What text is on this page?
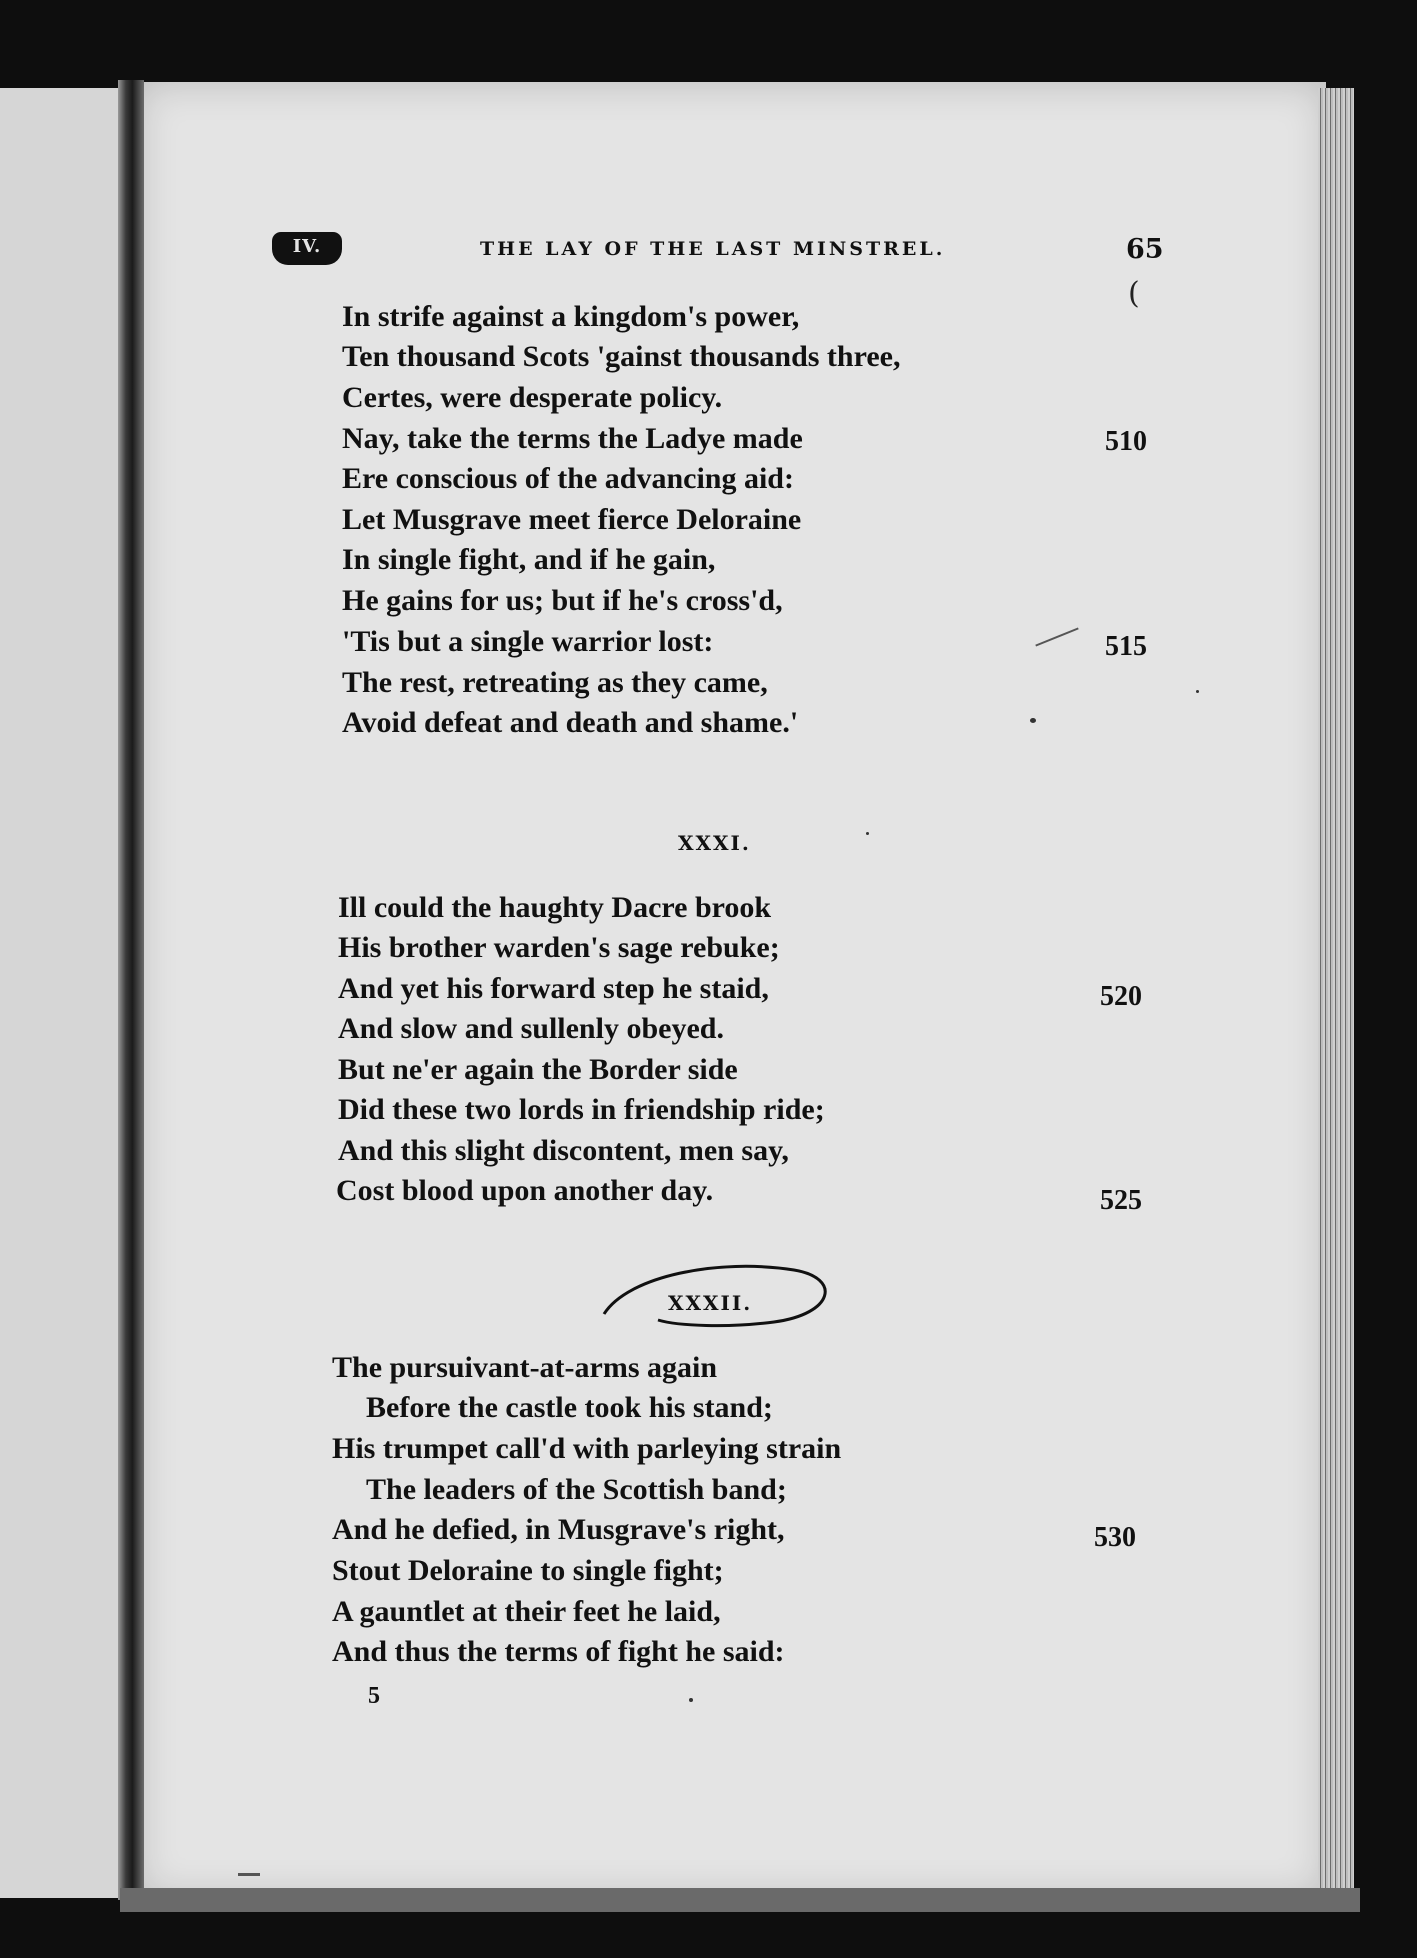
IV.	THE LAY OF THE LAST MINSTREL.	65
(
In strife against a kingdom's power,
Ten thousand Scots 'gainst thousands three,
Certes, were desperate policy.
Nay, take the terms the Ladye made
Ere conscious of the advancing aid:
Let Musgrave meet fierce Deloraine
In single fight, and if he gain,
He gains for us; but if he's cross'd,
'Tis but a single warrior lost:
The rest, retreating as they came,
Avoid defeat and death and shame.'
510
515
XXXI.
Ill could the haughty Dacre brook
His brother warden's sage rebuke;
And yet his forward step he staid,
And slow and sullenly obeyed.
But ne'er again the Border side
Did these two lords in friendship ride;
And this slight discontent, men say,
Cost blood upon another day.
520
525
XXXII.
The pursuivant-at-arms again
Before the castle took his stand;
His trumpet call'd with parleying strain
The leaders of the Scottish band;
And he defied, in Musgrave's right,
Stout Deloraine to single fight;
A gauntlet at their feet he laid,
And thus the terms of fight he said:
530
5
